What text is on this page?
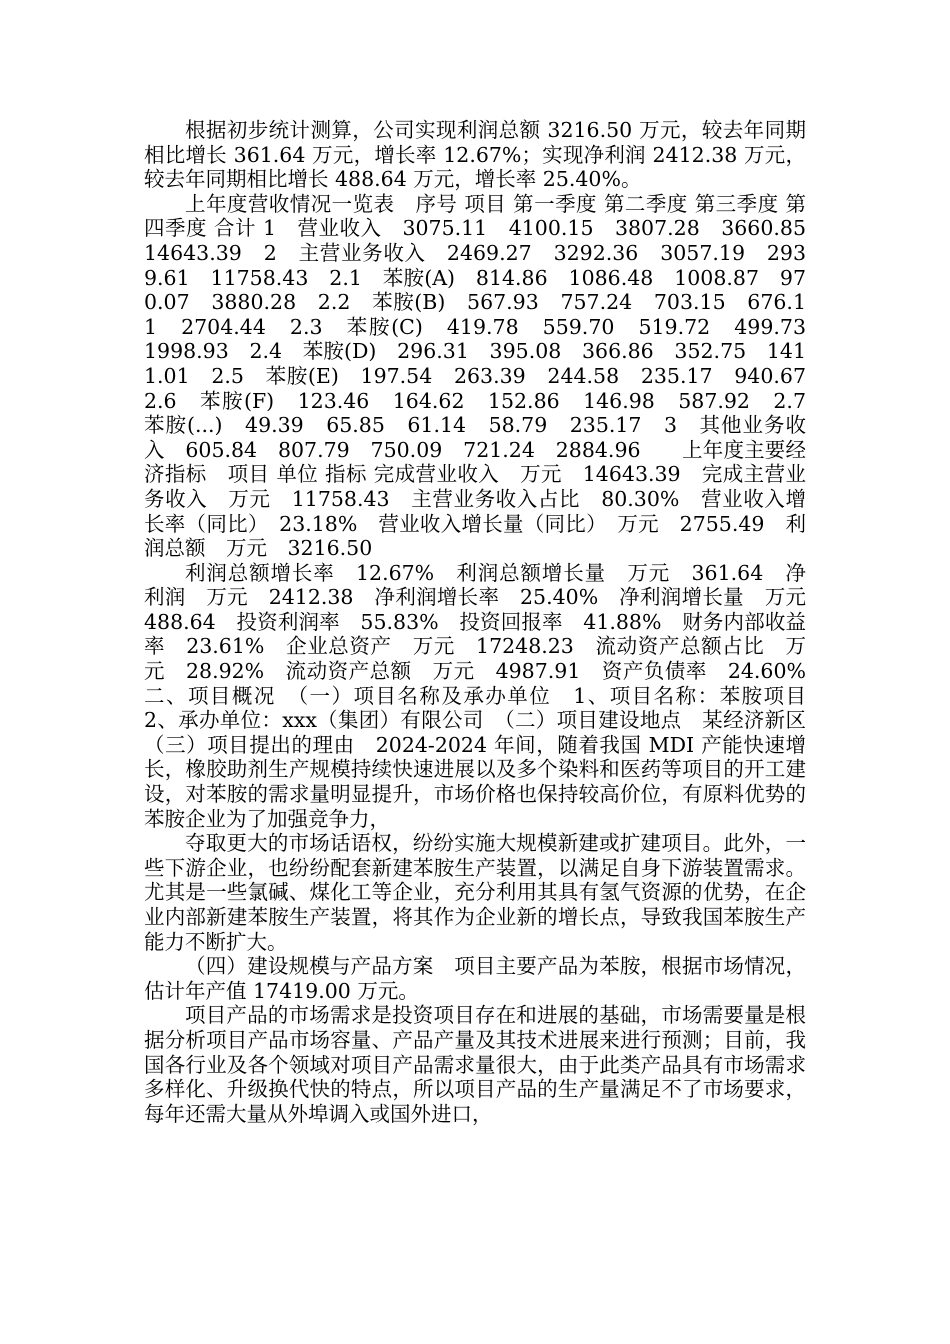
根据初步统计测算，公司实现利润总额 3216.50 万元，较去年同期相比增长 361.64 万元，增长率 12.67%；实现净利润 2412.38 万元，较去年同期相比增长 488.64 万元，增长率 25.40%。

上年度营收情况一览表　序号 项目 第一季度 第二季度 第三季度 第四季度 合计 1　营业收入　3075.11　4100.15　3807.28　3660.85　14643.39　2　主营业务收入　2469.27　3292.36　3057.19　2939.61　11758.43　2.1　苯胺(A)　814.86　1086.48　1008.87　970.07　3880.28　2.2　苯胺(B)　567.93　757.24　703.15　676.11　2704.44　2.3　苯胺(C)　419.78　559.70　519.72　499.73　1998.93　2.4　苯胺(D)　296.31　395.08　366.86　352.75　1411.01　2.5　苯胺(E)　197.54　263.39　244.58　235.17　940.67　2.6　苯胺(F)　123.46　164.62　152.86　146.98　587.92　2.7　苯胺(...)　49.39　65.85　61.14　58.79　235.17　3　其他业务收入　605.84　807.79　750.09　721.24　2884.96　　上年度主要经济指标　项目 单位 指标 完成营业收入　万元　14643.39　完成主营业务收入　万元　11758.43　主营业务收入占比　80.30%　营业收入增长率（同比）　23.18%　营业收入增长量（同比）　万元　2755.49　利润总额　万元　3216.50

利润总额增长率　12.67%　利润总额增长量　万元　361.64　净利润　万元　2412.38　净利润增长率　25.40%　净利润增长量　万元　488.64　投资利润率　55.83%　投资回报率　41.88%　财务内部收益率　23.61%　企业总资产　万元　17248.23　流动资产总额占比　万元　28.92%　流动资产总额　万元　4987.91　资产负债率　24.60%　二、项目概况　（一）项目名称及承办单位　1、项目名称：苯胺项目　2、承办单位：xxx（集团）有限公司　（二）项目建设地点　某经济新区　　（三）项目提出的理由　2024-2024 年间，随着我国 MDI 产能快速增长，橡胶助剂生产规模持续快速进展以及多个染料和医药等项目的开工建设，对苯胺的需求量明显提升，市场价格也保持较高价位，有原料优势的苯胺企业为了加强竞争力，

夺取更大的市场话语权，纷纷实施大规模新建或扩建项目。此外，一些下游企业，也纷纷配套新建苯胺生产装置，以满足自身下游装置需求。尤其是一些氯碱、煤化工等企业，充分利用其具有氢气资源的优势，在企业内部新建苯胺生产装置，将其作为企业新的增长点，导致我国苯胺生产能力不断扩大。

（四）建设规模与产品方案　项目主要产品为苯胺，根据市场情况，估计年产值 17419.00 万元。

项目产品的市场需求是投资项目存在和进展的基础，市场需要量是根据分析项目产品市场容量、产品产量及其技术进展来进行预测；目前，我国各行业及各个领域对项目产品需求量很大，由于此类产品具有市场需求多样化、升级换代快的特点，所以项目产品的生产量满足不了市场要求，每年还需大量从外埠调入或国外进口，
